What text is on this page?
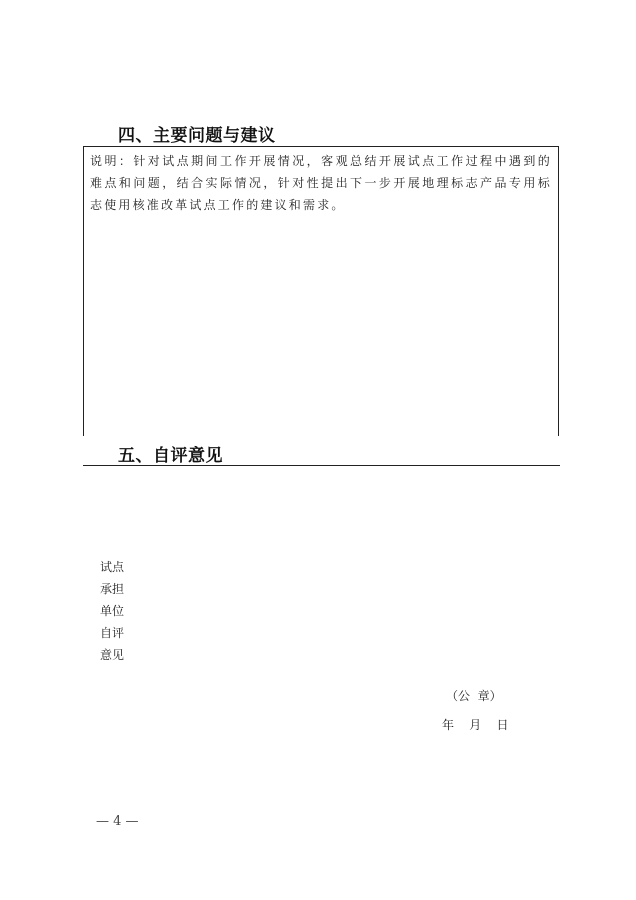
四、主要问题与建议
说明：针对试点期间工作开展情况，客观总结开展试点工作过程中遇到的难点和问题，结合实际情况，针对性提出下一步开展地理标志产品专用标志使用核准改革试点工作的建议和需求。
五、自评意见
试点
承担
单位
自评
意见
（公  章）
年    月    日
— 4 —
